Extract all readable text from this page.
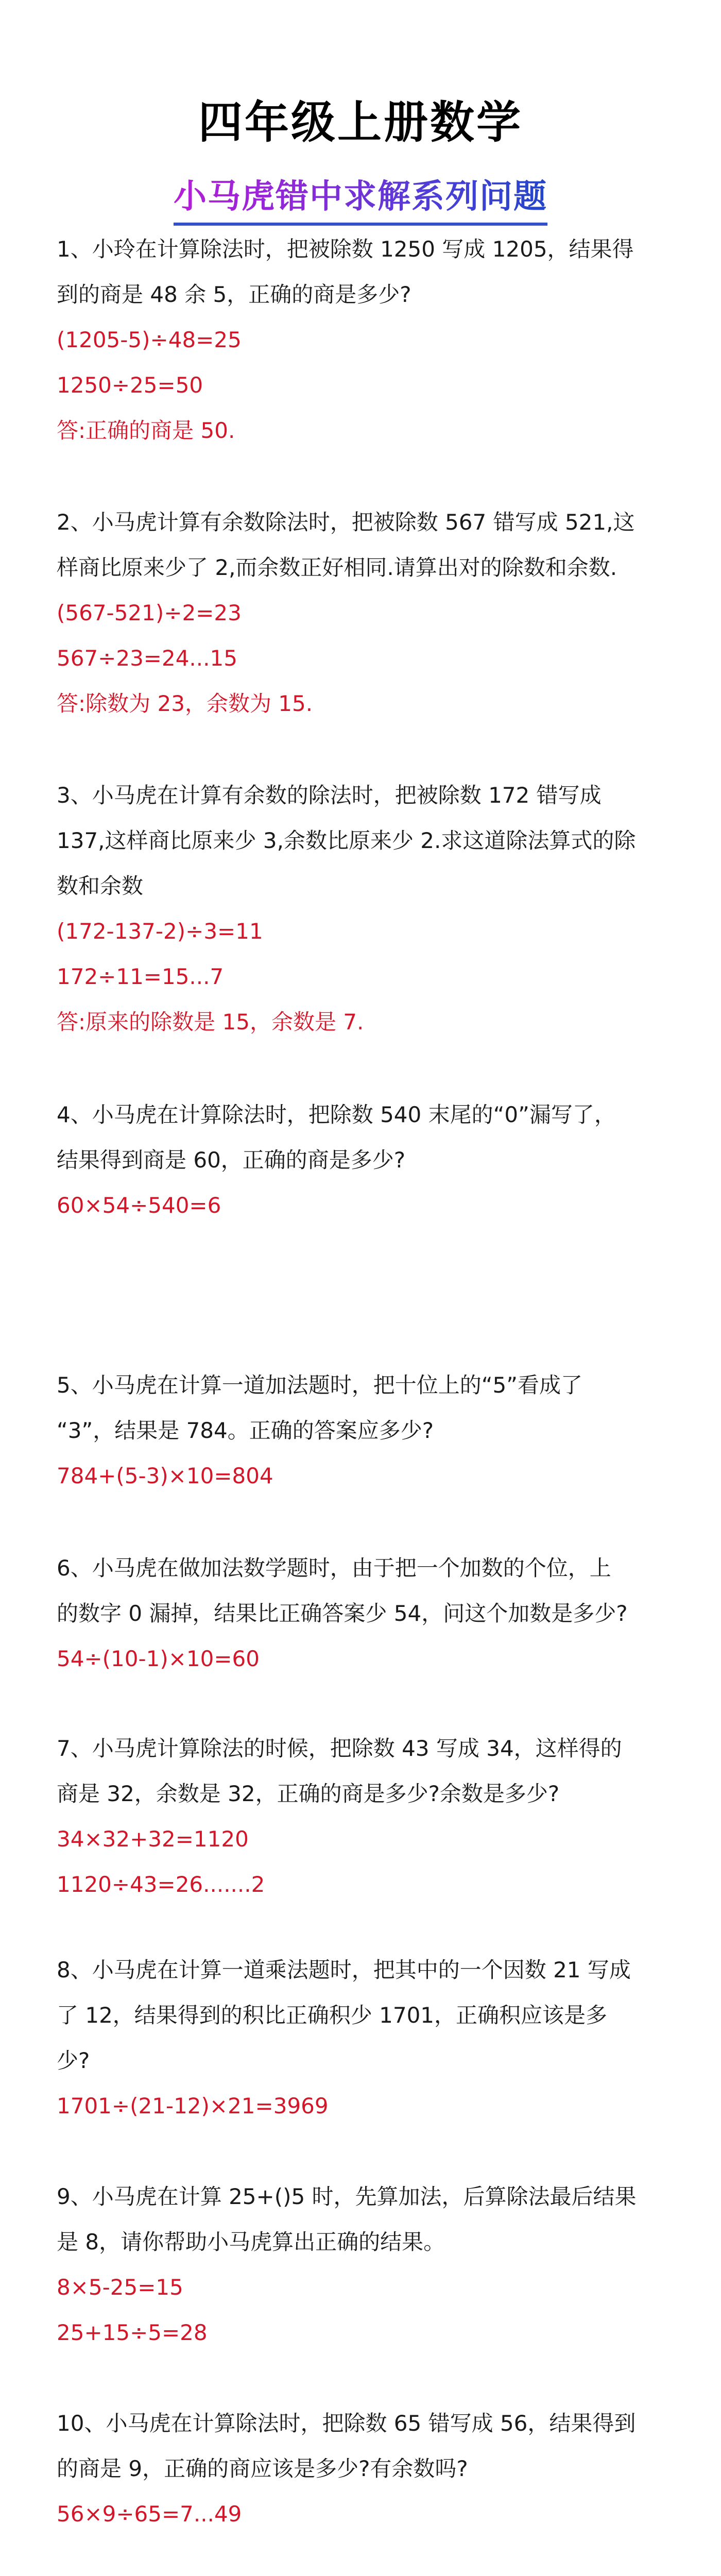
四年级上册数学
小马虎错中求解系列问题

1、小玲在计算除法时，把被除数 1250 写成 1205，结果得

到的商是 48 余 5，正确的商是多少?

(1205-5)÷48=25

1250÷25=50

答:正确的商是 50.

2、小马虎计算有余数除法时，把被除数 567 错写成 521,这

样商比原来少了 2,而余数正好相同.请算出对的除数和余数.

(567-521)÷2=23

567÷23=24...15

答:除数为 23，余数为 15.

3、小马虎在计算有余数的除法时，把被除数 172 错写成

137,这样商比原来少 3,余数比原来少 2.求这道除法算式的除

数和余数

(172-137-2)÷3=11

172÷11=15...7

答:原来的除数是 15，余数是 7.

4、小马虎在计算除法时，把除数 540 末尾的“0”漏写了，

结果得到商是 60，正确的商是多少?

60×54÷540=6

5、小马虎在计算一道加法题时，把十位上的“5”看成了

“3”，结果是 784。正确的答案应多少?

784+(5-3)×10=804

6、小马虎在做加法数学题时，由于把一个加数的个位，上

的数字 0 漏掉，结果比正确答案少 54，问这个加数是多少?

54÷(10-1)×10=60

7、小马虎计算除法的时候，把除数 43 写成 34，这样得的

商是 32，余数是 32，正确的商是多少?余数是多少?

34×32+32=1120

1120÷43=26.......2

8、小马虎在计算一道乘法题时，把其中的一个因数 21 写成

了 12，结果得到的积比正确积少 1701，正确积应该是多

少?

1701÷(21-12)×21=3969

9、小马虎在计算 25+()5 时，先算加法，后算除法最后结果

是 8，请你帮助小马虎算出正确的结果。

8×5-25=15

25+15÷5=28

10、小马虎在计算除法时，把除数 65 错写成 56，结果得到

的商是 9，正确的商应该是多少?有余数吗?

56×9÷65=7...49
